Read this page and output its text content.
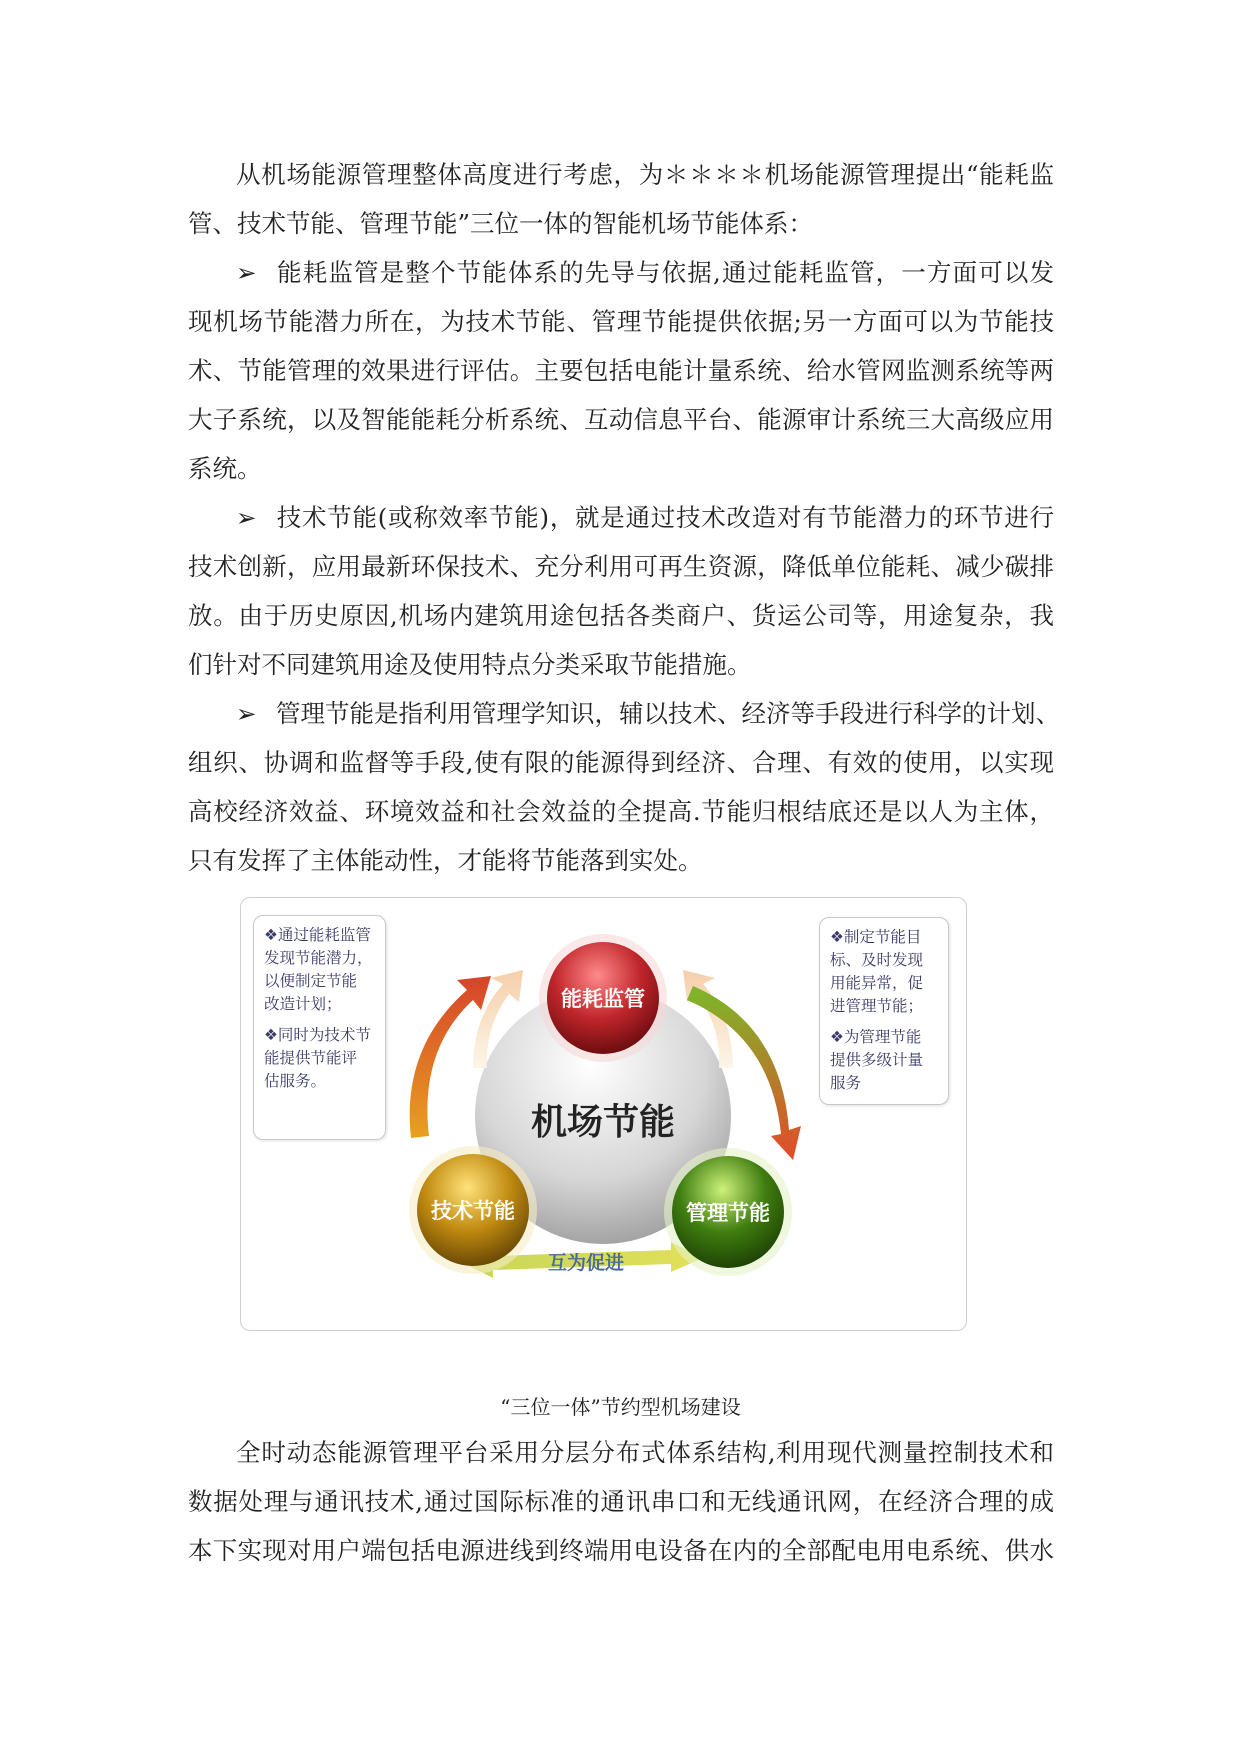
从机场能源管理整体高度进行考虑，为＊＊＊＊机场能源管理提出“能耗监
管、技术节能、管理节能”三位一体的智能机场节能体系：
➢ 能耗监管是整个节能体系的先导与依据,通过能耗监管，一方面可以发
现机场节能潜力所在，为技术节能、管理节能提供依据;另一方面可以为节能技
术、节能管理的效果进行评估。主要包括电能计量系统、给水管网监测系统等两
大子系统，以及智能能耗分析系统、互动信息平台、能源审计系统三大高级应用
系统。
➢ 技术节能(或称效率节能)，就是通过技术改造对有节能潜力的环节进行
技术创新，应用最新环保技术、充分利用可再生资源，降低单位能耗、减少碳排
放。由于历史原因,机场内建筑用途包括各类商户、货运公司等，用途复杂，我
们针对不同建筑用途及使用特点分类采取节能措施。
➢ 管理节能是指利用管理学知识，辅以技术、经济等手段进行科学的计划、
组织、协调和监督等手段,使有限的能源得到经济、合理、有效的使用，以实现
高校经济效益、环境效益和社会效益的全提高.节能归根结底还是以人为主体，
只有发挥了主体能动性，才能将节能落到实处。
机场节能
互为促进
能耗监管
技术节能	管理节能

❖通过能耗监管
发现节能潜力，
以便制定节能
改造计划；

❖同时为技术节
能提供节能评
估服务。

❖制定节能目
标、及时发现
用能异常，促
进管理节能；

❖为管理节能
提供多级计量
服务

“三位一体”节约型机场建设
全时动态能源管理平台采用分层分布式体系结构,利用现代测量控制技术和
数据处理与通讯技术,通过国际标准的通讯串口和无线通讯网，在经济合理的成
本下实现对用户端包括电源进线到终端用电设备在内的全部配电用电系统、供水
